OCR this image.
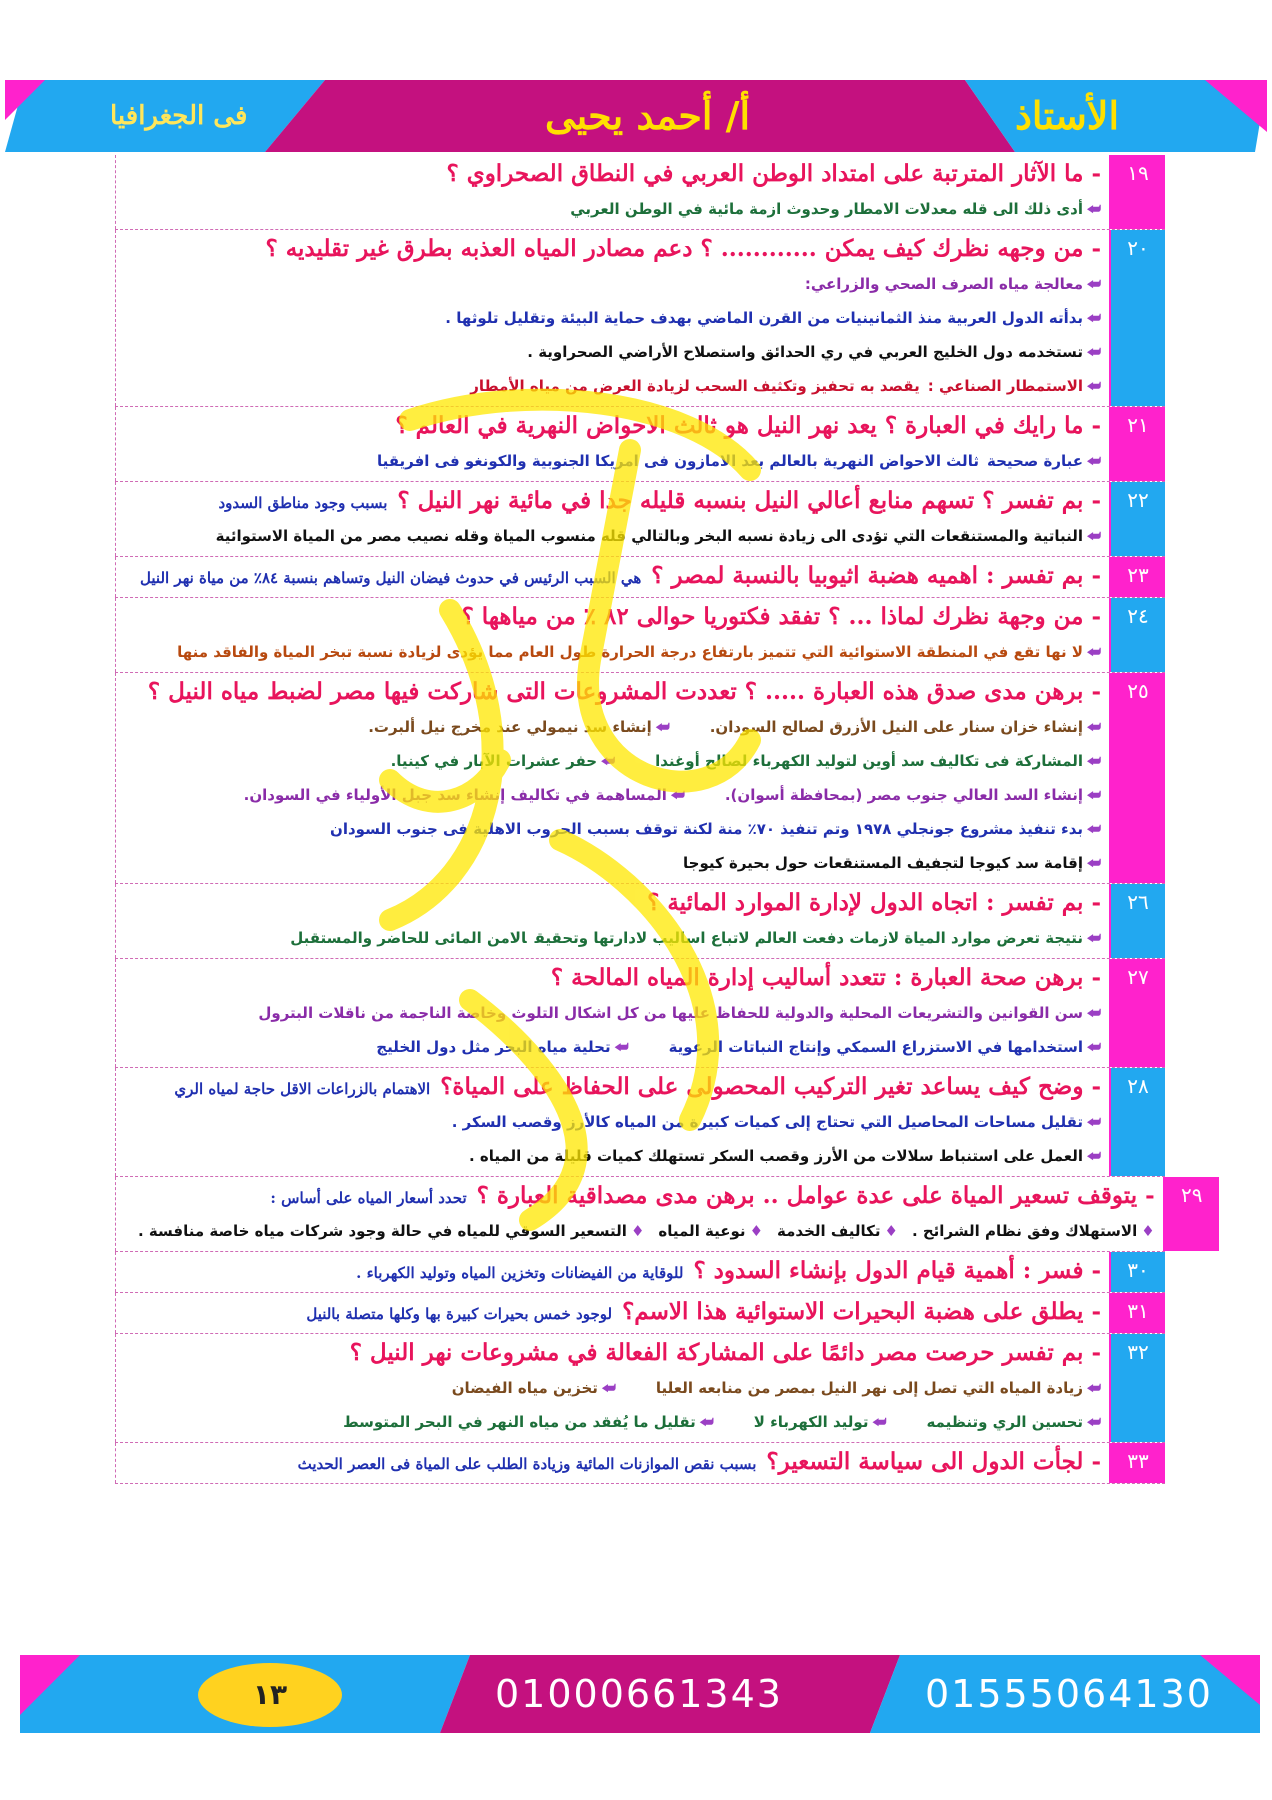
فى الجغرافيا	أ/ أحمد يحيى	الأستاذ
- ما الآثار المترتبة على امتداد الوطن العربي في النطاق الصحراوي ؟
⮨أدى ذلك الى قله معدلات الامطار وحدوث ازمة مائية في الوطن العربي
١٩
- من وجهه نظرك كيف يمكن ............ ؟ دعم مصادر المياه العذبه بطرق غير تقليديه ؟
⮨معالجة مياه الصرف الصحي والزراعي:
⮨بدأته الدول العربية منذ الثمانينيات من القرن الماضي بهدف حماية البيئة وتقليل تلوثها .
⮨تستخدمه دول الخليج العربي في ري الحدائق واستصلاح الأراضي الصحراوية .
⮨الاستمطار الصناعي :يقصد به تحفيز وتكثيف السحب لزيادة العرض من مياه الأمطار
٢٠
- ما رايك في العبارة ؟ يعد نهر النيل هو ثالث الاحواض النهرية في العالم ؟
⮨عبارة صحيحةثالث الاحواض النهرية بالعالم بعد الامازون فى امريكا الجنوبية والكونغو فى افريقيا
٢١
- بم تفسر ؟ تسهم منابع أعالي النيل بنسبه قليله جدا في مائية نهر النيل ؟بسبب وجود مناطق السدود
⮨النباتية والمستنقعات التي تؤدى الى زيادة نسبه البخر وبالتالي قله منسوب المياة وقله نصيب مصر من المياة الاستوائية
٢٢
- بم تفسر : اهميه هضبة اثيوبيا بالنسبة لمصر ؟هي السبب الرئيس في حدوث فيضان النيل وتساهم بنسبة ٨٤٪ من مياة نهر النيل	٢٣
- من وجهة نظرك لماذا ... ؟ تفقد فكتوريا حوالى ٨٢ ٪ من مياهها ؟
⮨لا نها تقع في المنطقة الاستوائية التي تتميز بارتفاع درجة الحرارة طول العام مما يؤدى لزيادة نسبة تبخر المياة والفاقد منها
٢٤
- برهن مدى صدق هذه العبارة ..... ؟ تعددت المشروعات التى شاركت فيها مصر لضبط مياه النيل ؟
⮨إنشاء خزان سنار على النيل الأزرق لصالح السودان.⮨إنشاء سد نيمولي عند مخرج نيل ألبرت.
⮨المشاركة فى تكاليف سد أوين لتوليد الكهرباء لصالح أوغندا⮨حفر عشرات الآبار في كينيا.
⮨إنشاء السد العالي جنوب مصر (بمحافظة أسوان).⮨المساهمة في تكاليف إنشاء سد جبل الأولياء في السودان.
⮨بدء تنفيذ مشروع جونجلي ١٩٧٨ وتم تنفيذ ٧٠٪ منة لكنة توقف بسبب الحروب الاهلية فى جنوب السودان
⮨إقامة سد كيوجا لتجفيف المستنقعات حول بحيرة كيوجا
٢٥
- بم تفسر : اتجاه الدول لإدارة الموارد المائية ؟
⮨نتيجة تعرض موارد المياة لازمات دفعت العالم لاتباع اساليب لادارتها وتحقيقالامن المائى للحاضر والمستقبل
٢٦
- برهن صحة العبارة : تتعدد أساليب إدارة المياه المالحة ؟
⮨سن القوانين والتشريعات المحلية والدولية للحفاظ عليها من كل اشكال التلوث وخاصة الناجمة من ناقلات البترول
⮨استخدامها في الاستزراع السمكي وإنتاج النباتات الرعوية⮨تحلية مياه البحر مثل دول الخليج
٢٧
- وضح كيف يساعد تغير التركيب المحصولى على الحفاظ على المياة؟الاهتمام بالزراعات الاقل حاجة لمياه الري
⮨تقليل مساحات المحاصيل التي تحتاج إلى كميات كبيرة من المياه كالأرز وقصب السكر .
⮨العمل على استنباط سلالات من الأرز وقصب السكر تستهلك كميات قليلة من المياه .
٢٨
- يتوقف تسعير المياة على عدة عوامل .. برهن مدى مصداقية العبارة ؟تحدد أسعار المياه على أساس :
♦الاستهلاك وفق نظام الشرائح .♦تكاليف الخدمة♦نوعية المياه♦التسعير السوقي للمياه في حالة وجود شركات مياه خاصة منافسة .
٢٩
- فسر : أهمية قيام الدول بإنشاء السدود ؟للوقاية من الفيضانات وتخزين المياه وتوليد الكهرباء .	٣٠
- يطلق على هضبة البحيرات الاستوائية هذا الاسم؟لوجود خمس بحيرات كبيرة بها وكلها متصلة بالنيل	٣١
- بم تفسر حرصت مصر دائمًا على المشاركة الفعالة في مشروعات نهر النيل ؟
⮨زيادة المياه التي تصل إلى نهر النيل بمصر من منابعه العليا⮨تخزين مياه الفيضان
⮨تحسين الري وتنظيمه⮨توليد الكهرباء لا⮨تقليل ما يُفقد من مياه النهر في البحر المتوسط
٣٢
- لجأت الدول الى سياسة التسعير؟بسبب نقص الموازنات المائية وزيادة الطلب على المياة فى العصر الحديث	٣٣
١٣	01000661343	01555064130
